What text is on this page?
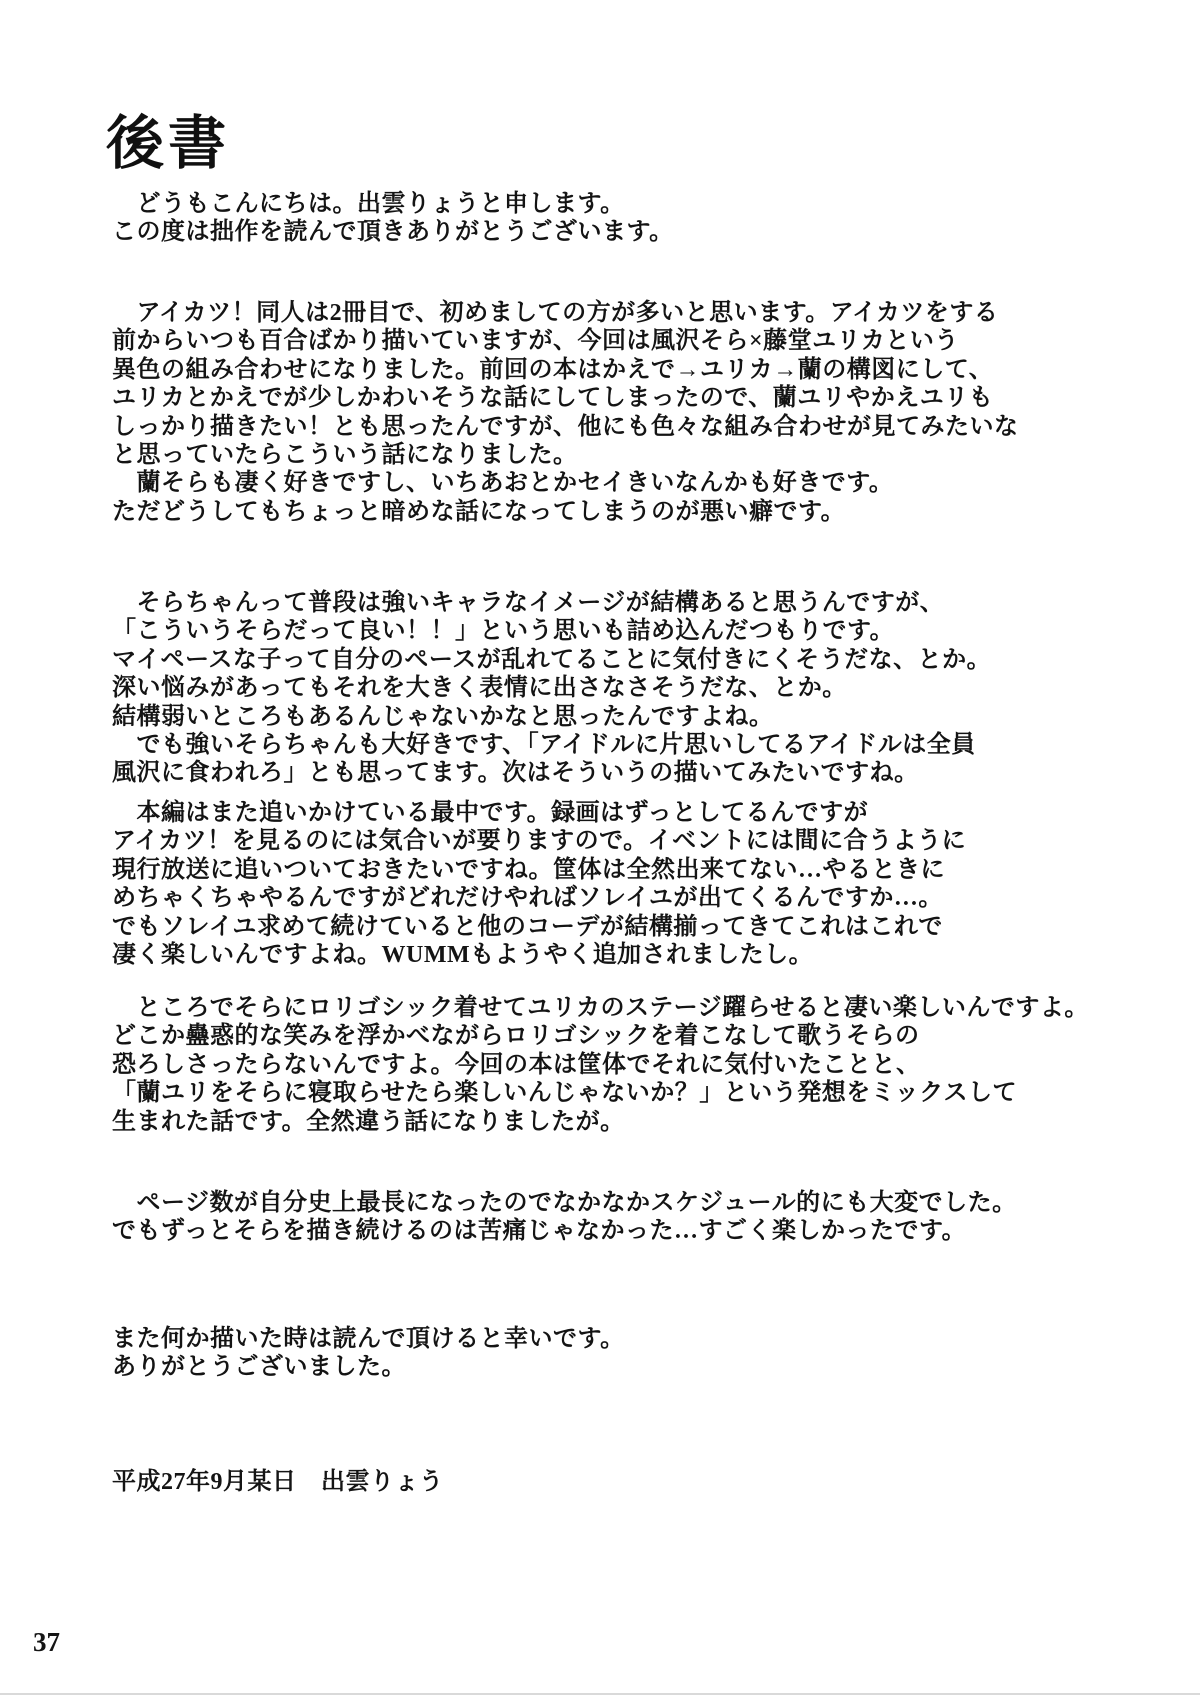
後書
　どうもこんにちは。出雲りょうと申します。
この度は拙作を読んで頂きありがとうございます。
　アイカツ！同人は2冊目で、初めましての方が多いと思います。アイカツをする
前からいつも百合ばかり描いていますが、今回は風沢そら×藤堂ユリカという
異色の組み合わせになりました。前回の本はかえで→ユリカ→蘭の構図にして、
ユリカとかえでが少しかわいそうな話にしてしまったので、蘭ユリやかえユリも
しっかり描きたい！とも思ったんですが、他にも色々な組み合わせが見てみたいな
と思っていたらこういう話になりました。
　蘭そらも凄く好きですし、いちあおとかセイきいなんかも好きです。
ただどうしてもちょっと暗めな話になってしまうのが悪い癖です。
　そらちゃんって普段は強いキャラなイメージが結構あると思うんですが、
「こういうそらだって良い！！」という思いも詰め込んだつもりです。
マイペースな子って自分のペースが乱れてることに気付きにくそうだな、とか。
深い悩みがあってもそれを大きく表情に出さなさそうだな、とか。
結構弱いところもあるんじゃないかなと思ったんですよね。
　でも強いそらちゃんも大好きです、「アイドルに片思いしてるアイドルは全員
風沢に食われろ」とも思ってます。次はそういうの描いてみたいですね。
　本編はまた追いかけている最中です。録画はずっとしてるんですが
アイカツ！を見るのには気合いが要りますので。イベントには間に合うように
現行放送に追いついておきたいですね。筐体は全然出来てない…やるときに
めちゃくちゃやるんですがどれだけやればソレイユが出てくるんですか…。
でもソレイユ求めて続けていると他のコーデが結構揃ってきてこれはこれで
凄く楽しいんですよね。WUMMもようやく追加されましたし。
　ところでそらにロリゴシック着せてユリカのステージ躍らせると凄い楽しいんですよ。
どこか蠱惑的な笑みを浮かべながらロリゴシックを着こなして歌うそらの
恐ろしさったらないんですよ。今回の本は筐体でそれに気付いたことと、
「蘭ユリをそらに寝取らせたら楽しいんじゃないか？」という発想をミックスして
生まれた話です。全然違う話になりましたが。
　ページ数が自分史上最長になったのでなかなかスケジュール的にも大変でした。
でもずっとそらを描き続けるのは苦痛じゃなかった…すごく楽しかったです。
また何か描いた時は読んで頂けると幸いです。
ありがとうございました。
平成27年9月某日　出雲りょう
37
